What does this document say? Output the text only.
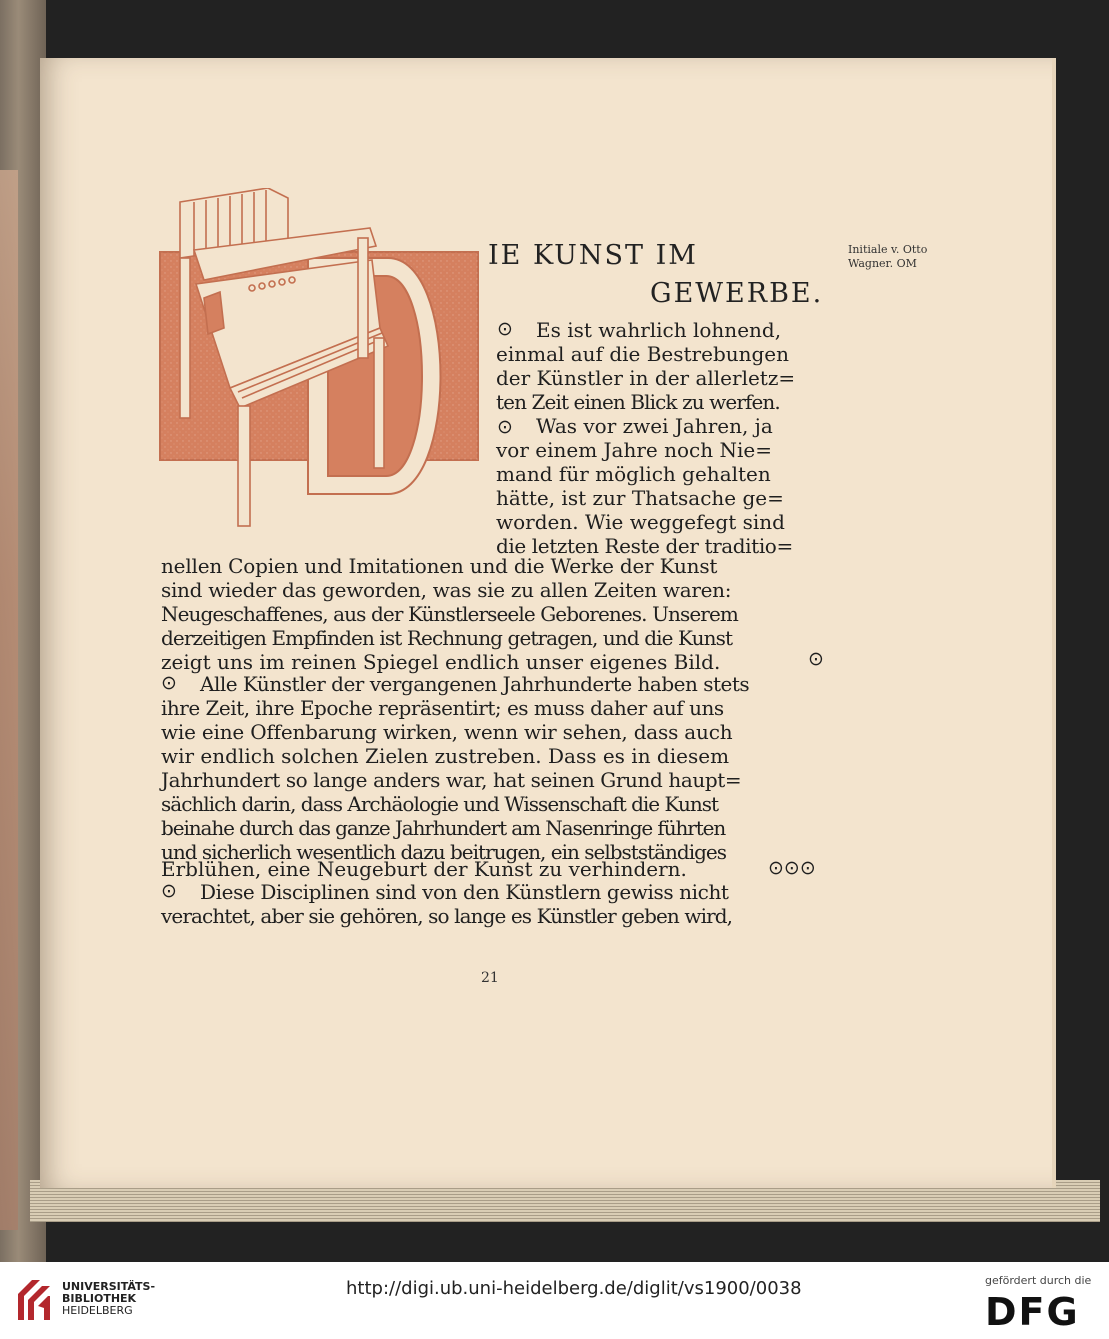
IE KUNST IM
GEWERBE.
Initiale v. Otto
Wagner. OM
⊙
⊙
⊙
⊙
⊙⊙⊙
⊙
Es ist wahrlich lohnend,
einmal auf die Bestrebungen
der Künstler in der allerletz=
ten Zeit einen Blick zu werfen.
Was vor zwei Jahren, ja
vor einem Jahre noch Nie=
mand für möglich gehalten
hätte, ist zur Thatsache ge=
worden. Wie weggefegt sind
die letzten Reste der traditio=
nellen Copien und Imitationen und die Werke der Kunst
sind wieder das geworden, was sie zu allen Zeiten waren:
Neugeschaffenes, aus der Künstlerseele Geborenes. Unserem
derzeitigen Empfinden ist Rechnung getragen, und die Kunst
zeigt uns im reinen Spiegel endlich unser eigenes Bild.
Alle Künstler der vergangenen Jahrhunderte haben stets
ihre Zeit, ihre Epoche repräsentirt; es muss daher auf uns
wie eine Offenbarung wirken, wenn wir sehen, dass auch
wir endlich solchen Zielen zustreben. Dass es in diesem
Jahrhundert so lange anders war, hat seinen Grund haupt=
sächlich darin, dass Archäologie und Wissenschaft die Kunst
beinahe durch das ganze Jahrhundert am Nasenringe führten
und sicherlich wesentlich dazu beitrugen, ein selbstständiges
Erblühen, eine Neugeburt der Kunst zu verhindern.
Diese Disciplinen sind von den Künstlern gewiss nicht
verachtet, aber sie gehören, so lange es Künstler geben wird,
21
UNIVERSITÄTS-
BIBLIOTHEK
HEIDELBERG
http://digi.ub.uni-heidelberg.de/diglit/vs1900/0038	gefördert durch die
DFG
